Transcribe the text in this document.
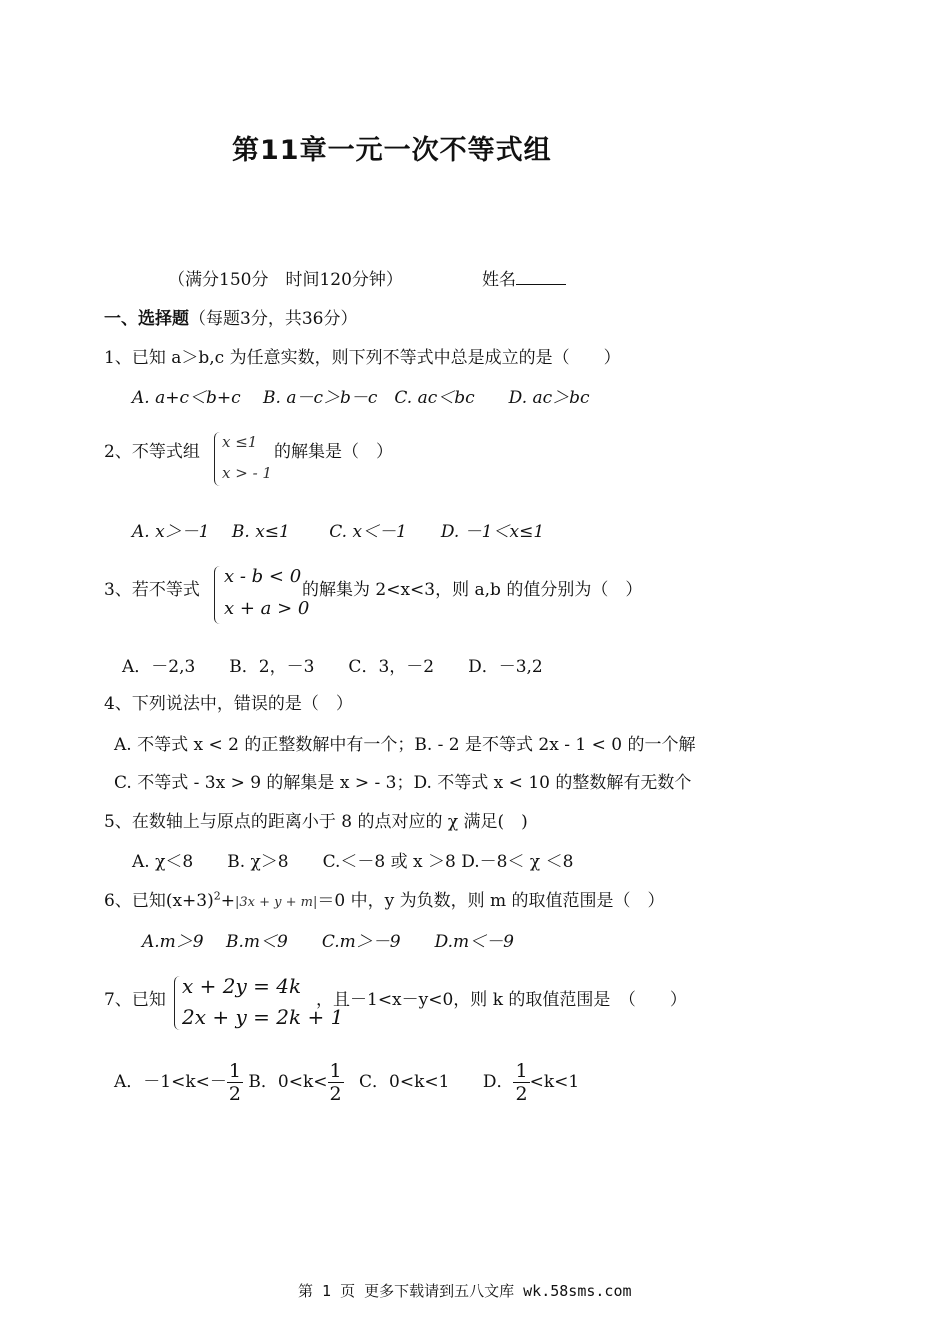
第11章一元一次不等式组
（满分150分　时间120分钟）	姓名
一、选择题（每题3分，共36分）
1、已知 a＞b,c 为任意实数，则下列不等式中总是成立的是（　　）
A. a+c＜b+c　 B. a－c＞b－c　C. ac＜bc　　D. ac＞bc
2、不等式组 x ≤1
x > - 1
的解集是（　）
A. x＞－1　 B. x≤1　　 C. x＜－1　　D. －1＜x≤1
3、若不等式
x - b < 0
x + a > 0
的解集为 2<x<3，则 a,b 的值分别为（　）
A．－2,3　　B．2，－3　　C．3，－2　　D．－3,2
4、下列说法中，错误的是（　）
A. 不等式 x < 2 的正整数解中有一个；B. - 2 是不等式 2x - 1 < 0 的一个解
C. 不等式 - 3x > 9 的解集是 x > - 3；D. 不等式 x < 10 的整数解有无数个
5、在数轴上与原点的距离小于 8 的点对应的 χ 满足(　)
A. χ＜8　　B. χ＞8　　C.＜－8 或 x ＞8 D.－8＜ χ ＜8
6、已知$(x+3)^2+|3x + y + m|=0$ 中，y 为负数，则 m 的取值范围是（　）
A.m＞9　 B.m＜9　　C.m＞－9　　D.m＜－9
7、已知
x + 2y = 4k
2x + y = 2k + 1
，且－1<x－y<0，则 k 的取值范围是　（　　）
A．$-1<k<- \frac{1}{2}$ B．$0<k< \frac{1}{2}$ C．0<k<1 D． $\frac{1}{2} <k<1$
第 1 页 更多下载请到五八文库 wk.58sms.com
